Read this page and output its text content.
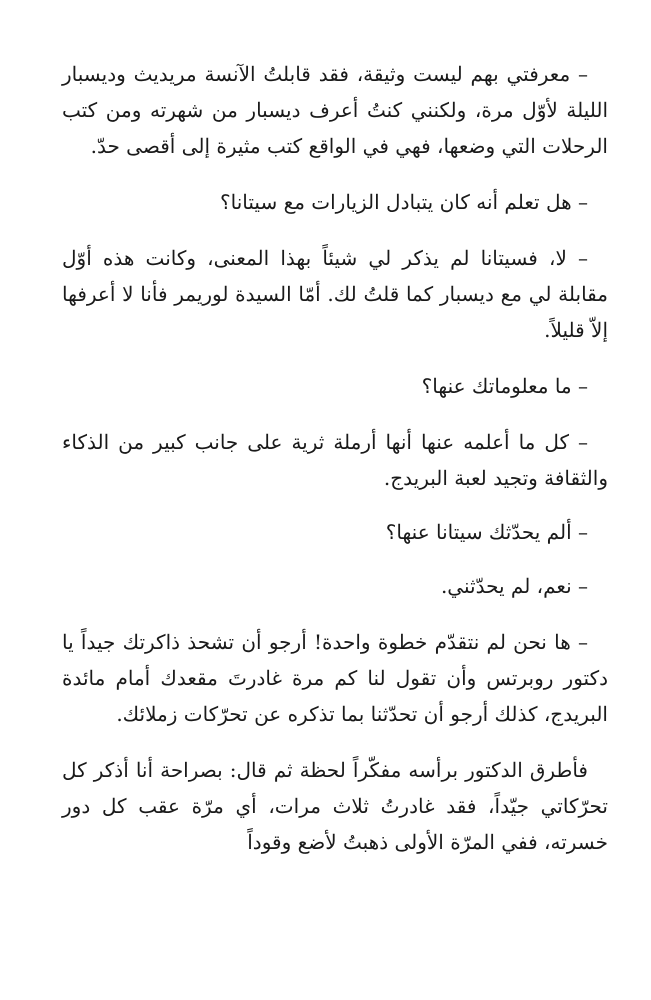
– معرفتي بهم ليست وثيقة، فقد قابلتُ الآنسة مريديث وديسبار الليلة لأوّل مرة، ولكنني كنتُ أعرف ديسبار من شهرته ومن كتب الرحلات التي وضعها، فهي في الواقع كتب مثيرة إلى أقصى حدّ.

– هل تعلم أنه كان يتبادل الزيارات مع سيتانا؟

– لا، فسيتانا لم يذكر لي شيئاً بهذا المعنى، وكانت هذه أوّل مقابلة لي مع ديسبار كما قلتُ لك. أمّا السيدة لوريمر فأنا لا أعرفها إلاّ قليلاً.

– ما معلوماتك عنها؟

– كل ما أعلمه عنها أنها أرملة ثرية على جانب كبير من الذكاء والثقافة وتجيد لعبة البريدج.

– ألم يحدّثك سيتانا عنها؟

– نعم، لم يحدّثني.

– ها نحن لم نتقدّم خطوة واحدة! أرجو أن تشحذ ذاكرتك جيداً يا دكتور روبرتس وأن تقول لنا كم مرة غادرتَ مقعدك أمام مائدة البريدج، كذلك أرجو أن تحدّثنا بما تذكره عن تحرّكات زملائك.

فأطرق الدكتور برأسه مفكّراً لحظة ثم قال: بصراحة أنا أذكر كل تحرّكاتي جيّداً، فقد غادرتُ ثلاث مرات، أي مرّة عقب كل دور خسرته، ففي المرّة الأولى ذهبتُ لأضع وقوداً
